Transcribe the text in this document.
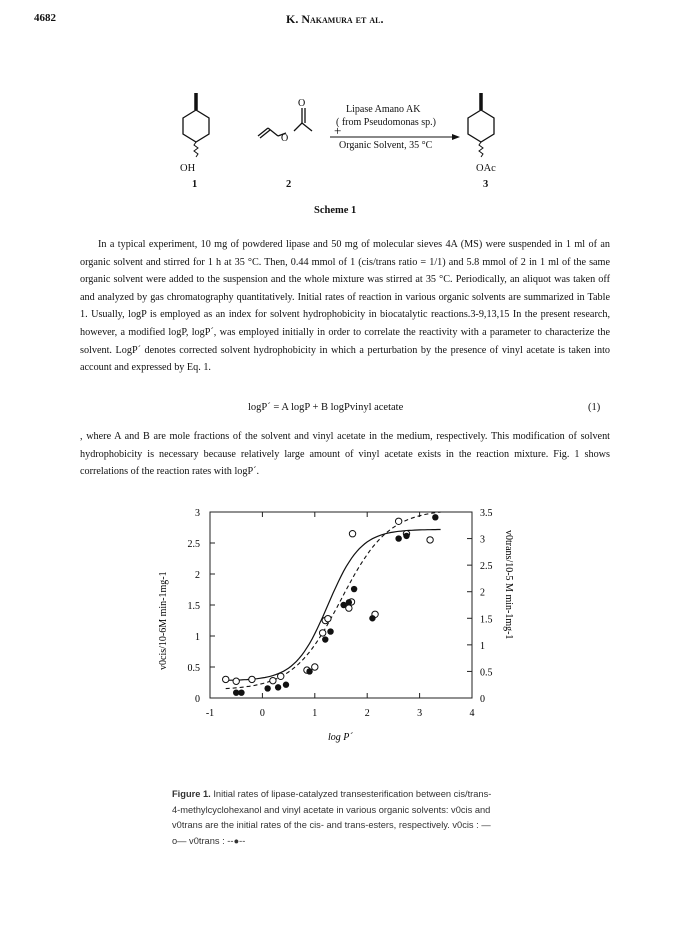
4682	K. Nakamura et al.
O
O
+
OH
1	2
OAc
3
Lipase Amano AK
( from Pseudomonas sp.)
Organic Solvent, 35 °C
Scheme 1

In a typical experiment, 10 mg of powdered lipase and 50 mg of molecular sieves 4A (MS) were suspended in 1 ml of an organic solvent and stirred for 1 h at 35 °C. Then, 0.44 mmol of 1 (cis/trans ratio = 1/1) and 5.8 mmol of 2 in 1 ml of the same organic solvent were added to the suspension and the whole mixture was stirred at 35 °C. Periodically, an aliquot was taken off and analyzed by gas chromatography quantitatively. Initial rates of reaction in various organic solvents are summarized in Table 1. Usually, logP is employed as an index for solvent hydrophobicity in biocatalytic reactions.3-9,13,15 In the present research, however, a modified logP, logP´, was employed initially in order to correlate the reactivity with a parameter to characterize the solvent. LogP´ denotes corrected solvent hydrophobicity in which a perturbation by the presence of vinyl acetate is taken into account and expressed by Eq. 1.

logP´ = A logP + B logPvinyl acetate	(1)

, where A and B are mole fractions of the solvent and vinyl acetate in the medium, respectively. This modification of solvent hydrophobicity is necessary because relatively large amount of vinyl acetate exists in the reaction mixture. Fig. 1 shows correlations of the reaction rates with logP´.

-1	0	1	2	3	4
0
0.5
1
1.5
2
2.5
3
0
0.5
1
1.5
2
2.5
3
3.5
log P´
v0cis/10-6M min-1mg-1	v0trans/10-5 M min-1mg-1
Figure 1. Initial rates of lipase-catalyzed transesterification between cis/trans-4-methylcyclohexanol and vinyl acetate in various organic solvents: v0cis and v0trans are the initial rates of the cis- and trans-esters, respectively. v0cis : —o— v0trans : --●--
